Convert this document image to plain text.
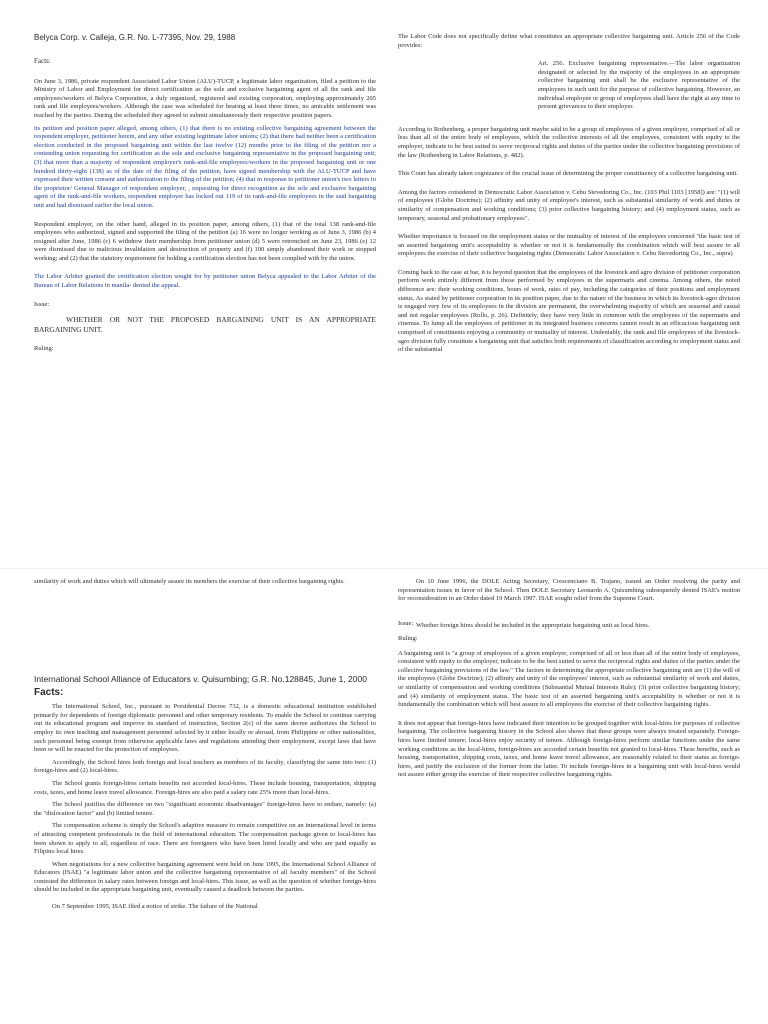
Belyca Corp. v. Calleja, G.R. No. L-77395, Nov. 29, 1988

Facts:

On June 3, 1986, private respondent Associated Labor Union (ALU)-TUCP, a legitimate labor organization, filed a petition to the Ministry of Labor and Employment for direct certification as the sole and exclusive bargaining agent of all the rank and file employees/workers of Belyca Corporation, a duly organized, registered and existing corporation, employing approximately 205 rank and file employees/workers. Although the case was scheduled for hearing at least three times, no amicable settlement was reached by the parties. During the scheduled they agreed to submit simultaneously their respective position papers.

its petition and position paper alleged, among others, (1) that there is no existing collective bargaining agreement between the respondent employer, petitioner herein, and any other existing legitimate labor unions; (2) that there had neither been a certification election conducted in the proposed bargaining unit within the last twelve (12) months prior to the filing of the petition nor a contending union requesting for certification as the sole and exclusive bargaining representative in the proposed bargaining unit; (3) that more than a majority of respondent employer's rank-and-file employees/workers in the proposed bargaining unit or one hundred thirty-eight (138) as of the date of the filing of the petition, have signed membership with the ALU-TUCP and have expressed their written consent and authorization to the filing of the petition; (4) that in response to petitioner union's two letters to the proprietor/ General Manager of respondent employer, , requesting for direct recognition as the sole and exclusive bargaining agent of the rank-and-file workers, respondent employer has locked out 119 of its rank-and-file employees in the said bargaining unit and had dismissed earlier the local union.

Respondent employer, on the other hand, alleged in its position paper, among others, (1) that of the total 138 rank-and-file employees who authorized, signed and supported the filing of the petition (a) 16 were no longer working as of June 3, 1986 (b) 4 resigned after June, 1986 (c) 6 withdrew their membership from petitioner union (d) 5 were retrenched on June 23, 1986 (e) 12 were dismissed due to malicious invalidation and destruction of property and (f) 100 simply abandoned their work or stopped working; and (2) that the statutory requirement for holding a certification election has not been complied with by the union.

The Labor Arbiter granted the certification election sought for by petitioner union Belyca appealed to the Labor Arbiter of the Bureau of Labor Relations in manila- denied the appeal.

Issue:

WHETHER OR NOT THE PROPOSED BARGAINING UNIT IS AN APPROPRIATE BARGAINING UNIT.

Ruling:

The Labor Code does not specifically define what constitutes an appropriate collective bargaining unit. Article 256 of the Code provides:

Art. 256. Exclusive bargaining representative.—The labor organization designated or selected by the majority of the employees in an appropriate collective bargaining unit shall be the exclusive representative of the employees in such unit for the purpose of collective bargaining. However, an individual employee or group of employees shall have the right at any time to present grievances to their employer.

According to Rothenberg, a proper bargaining unit maybe said to be a group of employees of a given employer, comprised of all or less than all of the entire body of employees, which the collective interests of all the employees, consistent with equity to the employer, indicate to be best suited to serve reciprocal rights and duties of the parties under the collective bargaining provisions of the law (Rothenberg in Labor Relations, p. 482).

This Court has already taken cognizance of the crucial issue of determining the proper constituency of a collective bargaining unit.

Among the factors considered in Democratic Labor Association v. Cebu Stevedoring Co., Inc. (103 Phil 1103 [1958]) are: "(1) will of employees (Globe Doctrine); (2) affinity and unity of employee's interest, such as substantial similarity of work and duties or similarity of compensation and working conditions; (3) prior collective bargaining history; and (4) employment status, such as temporary, seasonal and probationary employees".

Whether importance is focused on the employment status or the mutuality of interest of the employees concerned "the basic test of an asserted bargaining unit's acceptability is whether or not it is fundamentally the combination which will best assure to all employees the exercise of their collective bargaining rights (Democratic Labor Association v. Cebu Stevedoring Co., Inc., supra)

Coming back to the case at bar, it is beyond question that the employees of the livestock and agro division of petitioner corporation perform work entirely different from those performed by employees in the supermarts and cinema. Among others, the noted difference are: their working conditions, hours of work, rates of pay, including the categories of their positions and employment status. As stated by petitioner corporation in its position paper, due to the nature of the business in which its livestock-agro division is engaged very few of its employees in the division are permanent, the overwhelming majority of which are seasonal and casual and not regular employees (Rollo, p. 26). Definitely, they have very little in common with the employees of the supermarts and cinemas. To lump all the employees of petitioner in its integrated business concerns cannot result in an efficacious bargaining unit comprised of constituents enjoying a community or mutuality of interest. Undeniably, the rank and file employees of the livestock-agro division fully constitute a bargaining unit that satisfies both requirements of classification according to employment status and of the substantial

similarity of work and duties which will ultimately assure its members the exercise of their collective bargaining rights.

International School Alliance of Educators v. Quisumbing; G.R. No.128845, June 1, 2000

Facts:

The International School, Inc., pursuant to Presidential Decree 732, is a domestic educational institution established primarily for dependents of foreign diplomatic personnel and other temporary residents. To enable the School to continue carrying out its educational program and improve its standard of instruction, Section 2(c) of the same decree authorizes the School to employ its own teaching and management personnel selected by it either locally or abroad, from Philippine or other nationalities, such personnel being exempt from otherwise applicable laws and regulations attending their employment, except laws that have been or will be enacted for the protection of employees.

Accordingly, the School hires both foreign and local teachers as members of its faculty, classifying the same into two: (1) foreign-hires and (2) local-hires.

The School grants foreign-hires certain benefits not accorded local-hires. These include housing, transportation, shipping costs, taxes, and home leave travel allowance. Foreign-hires are also paid a salary rate 25% more than local-hires.

The School justifies the difference on two "significant economic disadvantages" foreign-hires have to endure, namely: (a) the "dislocation factor" and (b) limited tenure.

The compensation scheme is simply the School's adaptive measure to remain competitive on an international level in terms of attracting competent professionals in the field of international education. The compensation package given to local-hires has been shown to apply to all, regardless of race. There are foreigners who have been hired locally and who are paid equally as Filipino local hires.

When negotiations for a new collective bargaining agreement were held on June 1995, the International School Alliance of Educators (ISAE) "a legitimate labor union and the collective bargaining representative of all faculty members" of the School contested the difference in salary rates between foreign and local-hires. This issue, as well as the question of whether foreign-hires should be included in the appropriate bargaining unit, eventually caused a deadlock between the parties.

On 7 September 1995, ISAE filed a notice of strike. The failure of the National

On 10 June 1996, the DOLE Acting Secretary, Crescenciano B. Trajano, issued an Order resolving the parity and representation issues in favor of the School. Then DOLE Secretary Leonardo A. Quisumbing subsequently denied ISAE's motion for reconsideration in an Order dated 19 March 1997. ISAE sought relief from the Supreme Court.

Issue: Whether foreign hires should be included in the appropriate bargaining unit as local hires.

Ruling:

A bargaining unit is "a group of employees of a given employer, comprised of all or less than all of the entire body of employees, consistent with equity to the employer, indicate to be the best suited to serve the reciprocal rights and duties of the parties under the collective bargaining provisions of the law." The factors in determining the appropriate collective bargaining unit are (1) the will of the employees (Globe Doctrine); (2) affinity and unity of the employees' interest, such as substantial similarity of work and duties, or similarity of compensation and working conditions (Substantial Mutual Interests Rule); (3) prior collective bargaining history; and (4) similarity of employment status. The basic test of an asserted bargaining unit's acceptability is whether or not it is fundamentally the combination which will best assure to all employees the exercise of their collective bargaining rights.

It does not appear that foreign-hires have indicated their intention to be grouped together with local-hires for purposes of collective bargaining. The collective bargaining history in the School also shows that these groups were always treated separately. Foreign-hires have limited tenure; local-hires enjoy security of tenure. Although foreign-hires perform similar functions under the same working conditions as the local-hires, foreign-hires are accorded certain benefits not granted to local-hires. These benefits, such as housing, transportation, shipping costs, taxes, and home leave travel allowance, are reasonably related to their status as foreign-hires, and justify the exclusion of the former from the latter. To include foreign-hires in a bargaining unit with local-hires would not assure either group the exercise of their respective collective bargaining rights.
